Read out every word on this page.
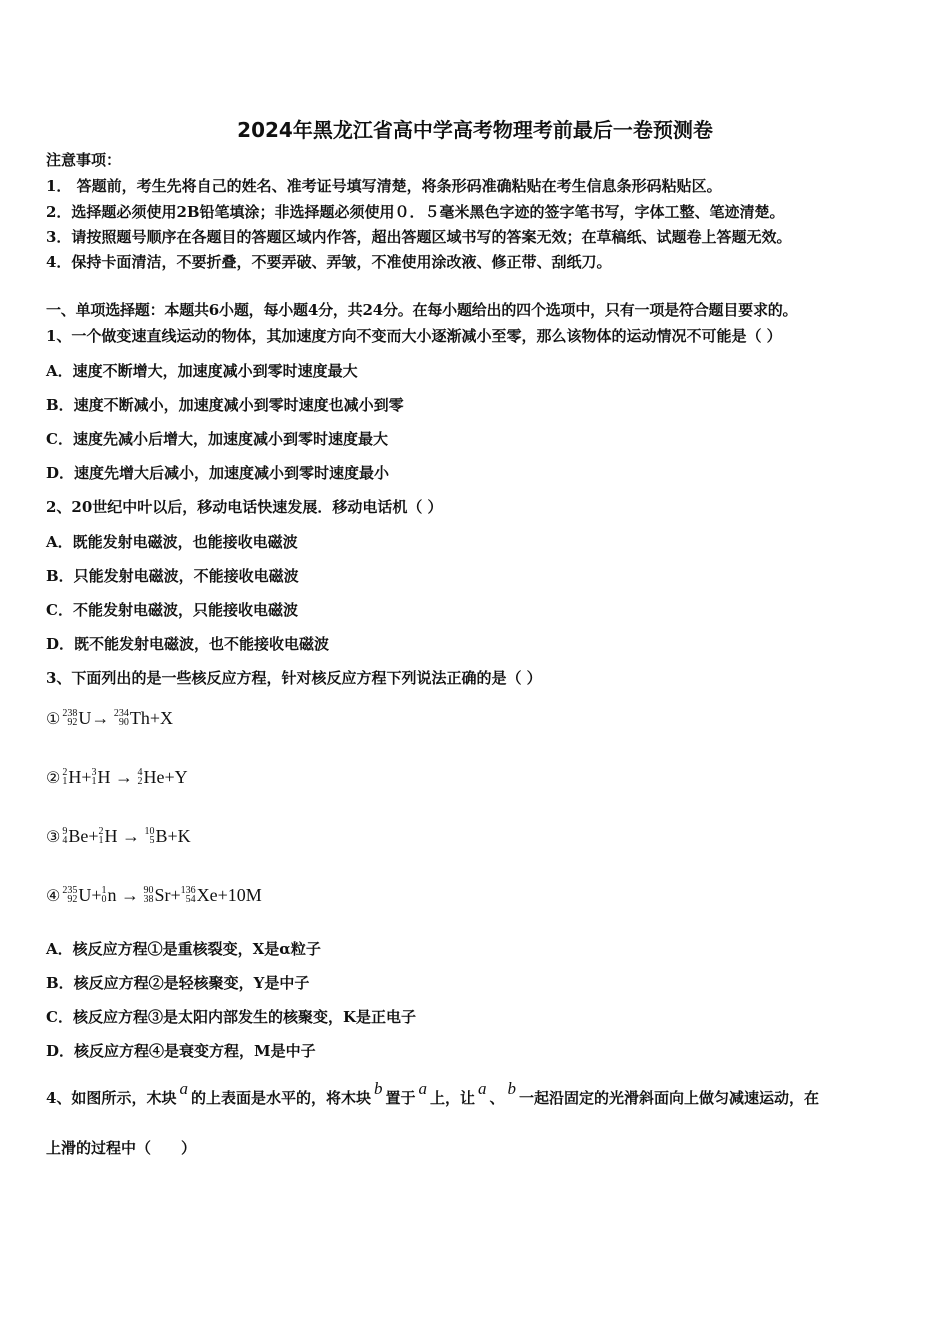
2024年黑龙江省高中学高考物理考前最后一卷预测卷
注意事项：
1． 答题前，考生先将自己的姓名、准考证号填写清楚，将条形码准确粘贴在考生信息条形码粘贴区。
2．选择题必须使用2B铅笔填涂；非选择题必须使用０．５毫米黑色字迹的签字笔书写，字体工整、笔迹清楚。
3．请按照题号顺序在各题目的答题区域内作答，超出答题区域书写的答案无效；在草稿纸、试题卷上答题无效。
4．保持卡面清洁，不要折叠，不要弄破、弄皱，不准使用涂改液、修正带、刮纸刀。
一、单项选择题：本题共6小题，每小题4分，共24分。在每小题给出的四个选项中，只有一项是符合题目要求的。
1、一个做变速直线运动的物体，其加速度方向不变而大小逐渐减小至零，那么该物体的运动情况不可能是（ ）
A．速度不断增大，加速度减小到零时速度最大
B．速度不断减小，加速度减小到零时速度也减小到零
C．速度先减小后增大，加速度减小到零时速度最大
D．速度先增大后减小，加速度减小到零时速度最小
2、20世纪中叶以后，移动电话快速发展．移动电话机（ ）
A．既能发射电磁波，也能接收电磁波
B．只能发射电磁波，不能接收电磁波
C．不能发射电磁波，只能接收电磁波
D．既不能发射电磁波，也不能接收电磁波
3、下面列出的是一些核反应方程，针对核反应方程下列说法正确的是（ ）
① 238
92 U→ 234
90 Th+X
② 2
1 H+ 3
1 H → 4
2 He+Y
③ 9
4 Be+ 2
1 H → 10
5 B+K
④ 235
92 U+ 1
0 n → 90
38 Sr+ 136
54 Xe+10M
A．核反应方程①是重核裂变，X是α粒子
B．核反应方程②是轻核聚变，Y是中子
C．核反应方程③是太阳内部发生的核聚变，K是正电子
D．核反应方程④是衰变方程，M是中子
4、如图所示，木块 a 的上表面是水平的，将木块 b 置于 a 上，让 a 、 b 一起沿固定的光滑斜面向上做匀减速运动，在
上滑的过程中（　　）
